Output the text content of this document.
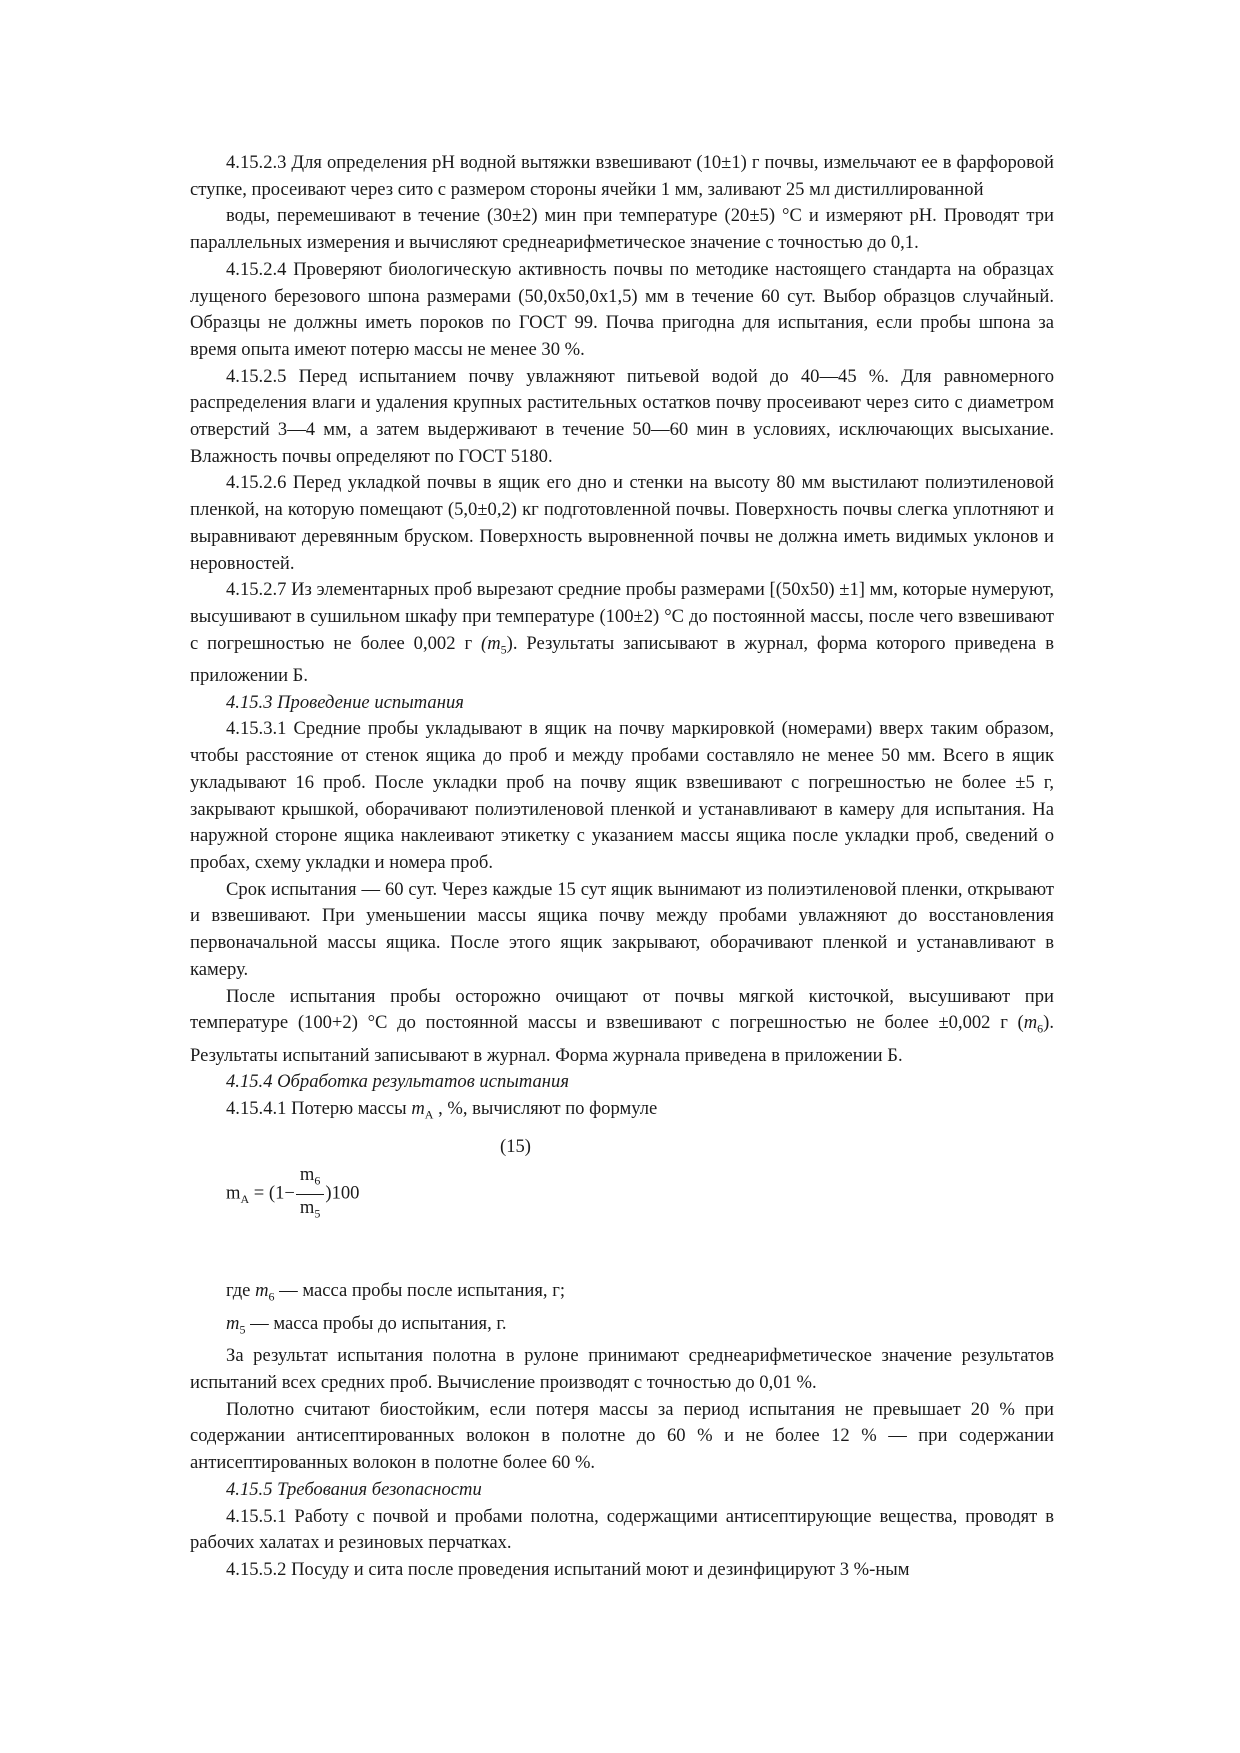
4.15.2.3 Для определения pH водной вытяжки взвешивают (10±1) г почвы, измельчают ее в фарфоровой ступке, просеивают через сито с размером стороны ячейки 1 мм, заливают 25 мл дистиллированной

воды, перемешивают в течение (30±2) мин при температуре (20±5) °С и измеряют pH. Проводят три параллельных измерения и вычисляют среднеарифметическое значение с точностью до 0,1.

4.15.2.4 Проверяют биологическую активность почвы по методике настоящего стандарта на образцах лущеного березового шпона размерами (50,0x50,0x1,5) мм в течение 60 сут. Выбор образцов случайный. Образцы не должны иметь пороков по ГОСТ 99. Почва пригодна для испытания, если пробы шпона за время опыта имеют потерю массы не менее 30 %.

4.15.2.5 Перед испытанием почву увлажняют питьевой водой до 40—45 %. Для равномерного распределения влаги и удаления крупных растительных остатков почву просеивают через сито с диаметром отверстий 3—4 мм, а затем выдерживают в течение 50—60 мин в условиях, исключающих высыхание. Влажность почвы определяют по ГОСТ 5180.

4.15.2.6 Перед укладкой почвы в ящик его дно и стенки на высоту 80 мм выстилают полиэтиленовой пленкой, на которую помещают (5,0±0,2) кг подготовленной почвы. Поверхность почвы слегка уплотняют и выравнивают деревянным бруском. Поверхность выровненной почвы не должна иметь видимых уклонов и неровностей.

4.15.2.7 Из элементарных проб вырезают средние пробы размерами [(50x50) ±1] мм, которые нумеруют, высушивают в сушильном шкафу при температуре (100±2) °С до постоянной массы, после чего взвешивают с погрешностью не более 0,002 г $(m_5)$. Результаты записывают в журнал, форма которого приведена в приложении Б.

4.15.3 Проведение испытания

4.15.3.1 Средние пробы укладывают в ящик на почву маркировкой (номерами) вверх таким образом, чтобы расстояние от стенок ящика до проб и между пробами составляло не менее 50 мм. Всего в ящик укладывают 16 проб. После укладки проб на почву ящик взвешивают с погрешностью не более ±5 г, закрывают крышкой, оборачивают полиэтиленовой пленкой и устанавливают в камеру для испытания. На наружной стороне ящика наклеивают этикетку с указанием массы ящика после укладки проб, сведений о пробах, схему укладки и номера проб.

Срок испытания — 60 сут. Через каждые 15 сут ящик вынимают из полиэтиленовой пленки, открывают и взвешивают. При уменьшении массы ящика почву между пробами увлажняют до восстановления первоначальной массы ящика. После этого ящик закрывают, оборачивают пленкой и устанавливают в камеру.

После испытания пробы осторожно очищают от почвы мягкой кисточкой, высушивают при температуре (100+2) °С до постоянной массы и взвешивают с погрешностью не более ±0,002 г $(m_6)$. Результаты испытаний записывают в журнал. Форма журнала приведена в приложении Б.

4.15.4 Обработка результатов испытания

4.15.4.1 Потерю массы $m_А$ , %, вычисляют по формуле

(15)
$m_A = (1- \frac{m_6}{m_5} )100$

где $m_6$ — масса пробы после испытания, г;

$m_5$ — масса пробы до испытания, г.

За результат испытания полотна в рулоне принимают среднеарифметическое значение результатов испытаний всех средних проб. Вычисление производят с точностью до 0,01 %.

Полотно считают биостойким, если потеря массы за период испытания не превышает 20 % при содержании антисептированных волокон в полотне до 60 % и не более 12 % — при содержании антисептированных волокон в полотне более 60 %.

4.15.5 Требования безопасности

4.15.5.1 Работу с почвой и пробами полотна, содержащими антисептирующие вещества, проводят в рабочих халатах и резиновых перчатках.

4.15.5.2 Посуду и сита после проведения испытаний моют и дезинфицируют 3 %-ным
